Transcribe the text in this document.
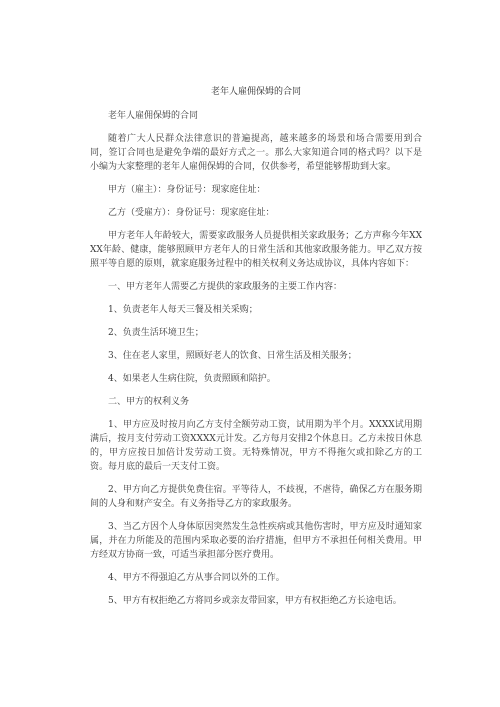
老年人雇佣保姆的合同

老年人雇佣保姆的合同

随着广大人民群众法律意识的普遍提高，越来越多的场景和场合需要用到合同，签订合同也是避免争端的最好方式之一。那么大家知道合同的格式吗？以下是小编为大家整理的老年人雇佣保姆的合同，仅供参考，希望能够帮助到大家。

甲方（雇主）：身份证号：现家庭住址：

乙方（受雇方）：身份证号：现家庭住址：

甲方老年人年龄较大，需要家政服务人员提供相关家政服务；乙方声称今年XXXX年龄、健康，能够照顾甲方老年人的日常生活和其他家政服务能力。甲乙双方按照平等自愿的原则，就家庭服务过程中的相关权利义务达成协议，具体内容如下：

一、甲方老年人需要乙方提供的家政服务的主要工作内容：

1、负责老年人每天三餐及相关采购；

2、负责生活环境卫生；

3、住在老人家里，照顾好老人的饮食、日常生活及相关服务；

4、如果老人生病住院，负责照顾和陪护。

二、甲方的权利义务

1、甲方应及时按月向乙方支付全额劳动工资，试用期为半个月。XXXX试用期满后，按月支付劳动工资XXXX元计发。乙方每月安排2个休息日。乙方未按日休息的，甲方应按日加倍计发劳动工资。无特殊情况，甲方不得拖欠或扣除乙方的工资。每月底的最后一天支付工资。

2、甲方向乙方提供免费住宿。平等待人，不歧视，不虐待，确保乙方在服务期间的人身和财产安全。有义务指导乙方的家政服务。

3、当乙方因个人身体原因突然发生急性疾病或其他伤害时，甲方应及时通知家属，并在力所能及的范围内采取必要的治疗措施，但甲方不承担任何相关费用。甲方经双方协商一致，可适当承担部分医疗费用。

4、甲方不得强迫乙方从事合同以外的工作。

5、甲方有权拒绝乙方将同乡或亲友带回家，甲方有权拒绝乙方长途电话。
